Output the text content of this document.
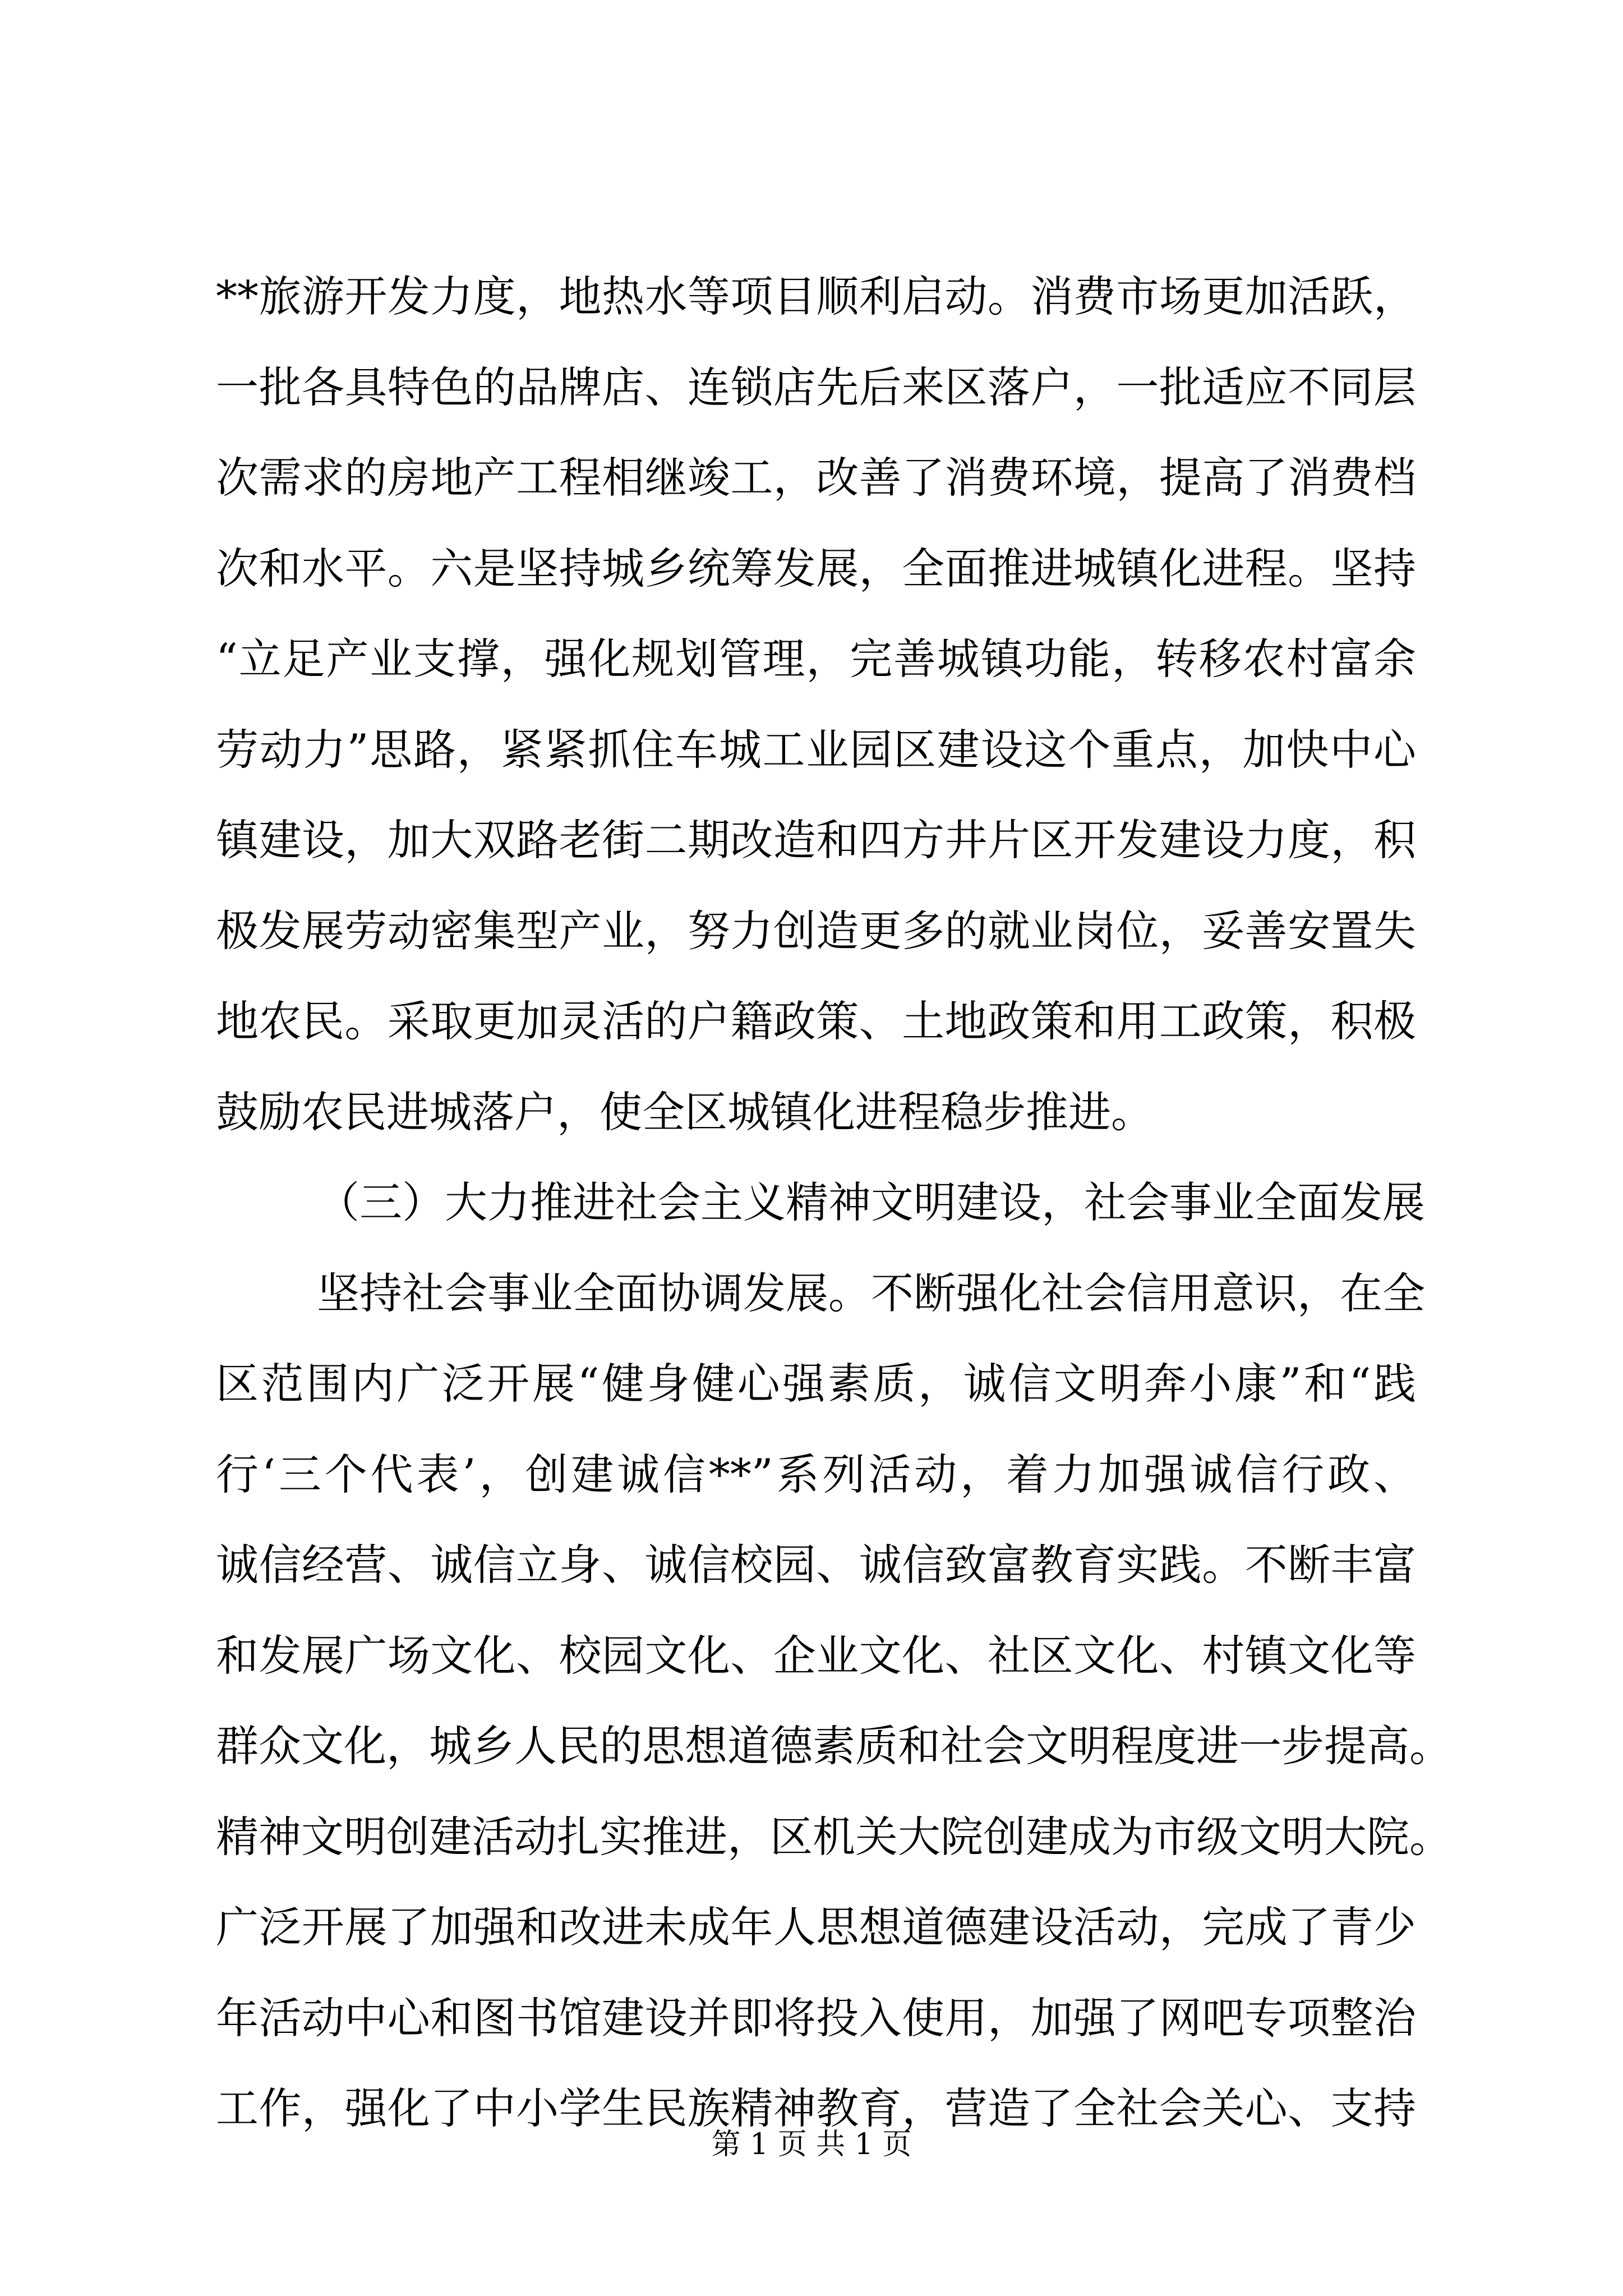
**旅游开发力度，地热水等项目顺利启动。消费市场更加活跃，
一批各具特色的品牌店、连锁店先后来区落户，一批适应不同层
次需求的房地产工程相继竣工，改善了消费环境，提高了消费档
次和水平。六是坚持城乡统筹发展，全面推进城镇化进程。坚持
“立足产业支撑，强化规划管理，完善城镇功能，转移农村富余
劳动力”思路，紧紧抓住车城工业园区建设这个重点，加快中心
镇建设，加大双路老街二期改造和四方井片区开发建设力度，积
极发展劳动密集型产业，努力创造更多的就业岗位，妥善安置失
地农民。采取更加灵活的户籍政策、土地政策和用工政策，积极
鼓励农民进城落户，使全区城镇化进程稳步推进。
（三）大力推进社会主义精神文明建设，社会事业全面发展
坚持社会事业全面协调发展。不断强化社会信用意识，在全
区范围内广泛开展“健身健心强素质，诚信文明奔小康”和“践
行‘三个代表’，创建诚信**”系列活动，着力加强诚信行政、
诚信经营、诚信立身、诚信校园、诚信致富教育实践。不断丰富
和发展广场文化、校园文化、企业文化、社区文化、村镇文化等
群众文化，城乡人民的思想道德素质和社会文明程度进一步提高。
精神文明创建活动扎实推进，区机关大院创建成为市级文明大院。
广泛开展了加强和改进未成年人思想道德建设活动，完成了青少
年活动中心和图书馆建设并即将投入使用，加强了网吧专项整治
工作，强化了中小学生民族精神教育，营造了全社会关心、支持
第 1 页 共 1 页
